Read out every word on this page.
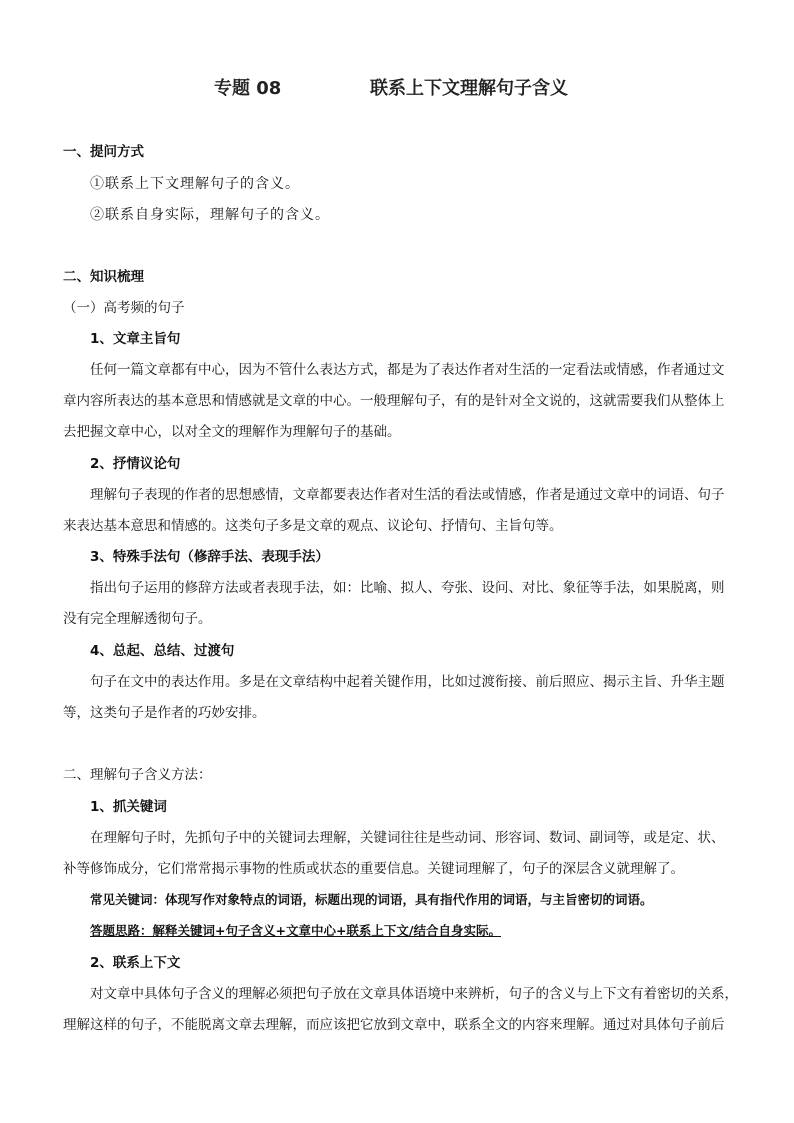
专题 08	联系上下文理解句子含义
一、提问方式
①联系上下文理解句子的含义。
②联系自身实际，理解句子的含义。
二、知识梳理
（一）高考频的句子
1、文章主旨句
任何一篇文章都有中心，因为不管什么表达方式，都是为了表达作者对生活的一定看法或情感，作者通过文
章内容所表达的基本意思和情感就是文章的中心。一般理解句子，有的是针对全文说的，这就需要我们从整体上
去把握文章中心，以对全文的理解作为理解句子的基础。
2、抒情议论句
理解句子表现的作者的思想感情，文章都要表达作者对生活的看法或情感，作者是通过文章中的词语、句子
来表达基本意思和情感的。这类句子多是文章的观点、议论句、抒情句、主旨句等。
3、特殊手法句（修辞手法、表现手法）
指出句子运用的修辞方法或者表现手法，如：比喻、拟人、夸张、设问、对比、象征等手法，如果脱离，则
没有完全理解透彻句子。
4、总起、总结、过渡句
句子在文中的表达作用。多是在文章结构中起着关键作用，比如过渡衔接、前后照应、揭示主旨、升华主题
等，这类句子是作者的巧妙安排。
二、理解句子含义方法：
1、抓关键词
在理解句子时，先抓句子中的关键词去理解，关键词往往是些动词、形容词、数词、副词等，或是定、状、
补等修饰成分，它们常常揭示事物的性质或状态的重要信息。关键词理解了，句子的深层含义就理解了。
常见关键词：体现写作对象特点的词语，标题出现的词语，具有指代作用的词语，与主旨密切的词语。
答题思路：解释关键词+句子含义+文章中心+联系上下文/结合自身实际。
2、联系上下文
对文章中具体句子含义的理解必须把句子放在文章具体语境中来辨析，句子的含义与上下文有着密切的关系，
理解这样的句子，不能脱离文章去理解，而应该把它放到文章中，联系全文的内容来理解。通过对具体句子前后
